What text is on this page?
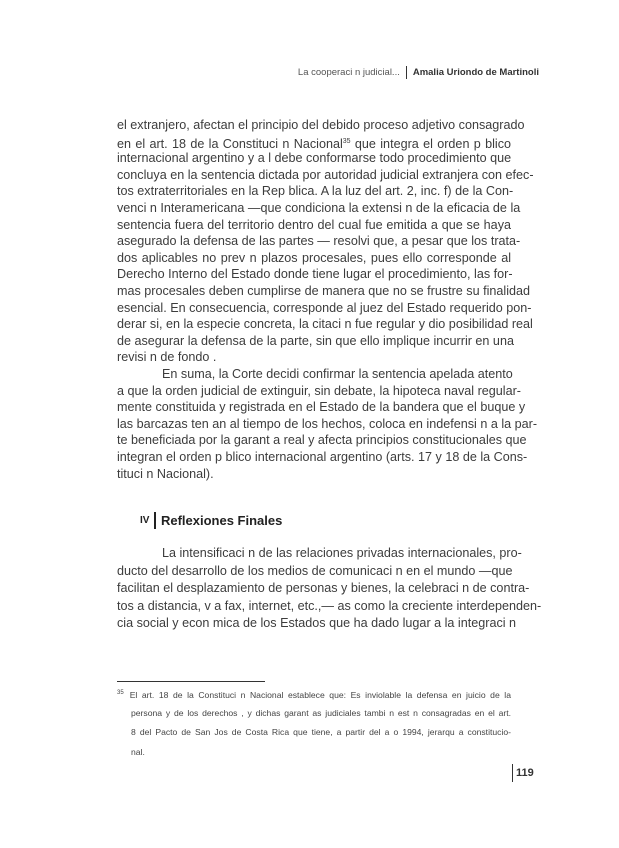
La cooperaci n judicial... Amalia Uriondo de Martinoli
el extranjero, afectan el principio del debido proceso adjetivo consagrado
en el art. 18 de la Constituci n Nacional$^{35}$ que integra el orden p blico
internacional argentino y a l debe conformarse todo procedimiento que
concluya en la sentencia dictada por autoridad judicial extranjera con efec-
tos extraterritoriales en la Rep blica. A la luz del art. 2, inc. f) de la Con-
venci n Interamericana —que condiciona la extensi n de la eficacia de la
sentencia fuera del territorio dentro del cual fue emitida a que se haya
asegurado la defensa de las partes — resolvi que, a pesar que los trata-
dos aplicables no prev n plazos procesales, pues ello corresponde al
Derecho Interno del Estado donde tiene lugar el procedimiento, las for-
mas procesales deben cumplirse de manera que no se frustre su finalidad
esencial. En consecuencia, corresponde al juez del Estado requerido pon-
derar si, en la especie concreta, la citaci n fue regular y dio posibilidad real
de asegurar la defensa de la parte, sin que ello implique incurrir en una
revisi n de fondo .
En suma, la Corte decidi confirmar la sentencia apelada atento
a que la orden judicial de extinguir, sin debate, la hipoteca naval regular-
mente constituida y registrada en el Estado de la bandera que el buque y
las barcazas ten an al tiempo de los hechos, coloca en indefensi n a la par-
te beneficiada por la garant a real y afecta principios constitucionales que
integran el orden p blico internacional argentino (arts. 17 y 18 de la Cons-
tituci n Nacional).
IV Reflexiones Finales
La intensificaci n de las relaciones privadas internacionales, pro-
ducto del desarrollo de los medios de comunicaci n en el mundo —que
facilitan el desplazamiento de personas y bienes, la celebraci n de contra-
tos a distancia, v a fax, internet, etc.,— as como la creciente interdependen-
cia social y econ mica de los Estados que ha dado lugar a la integraci n
$^{35}$ El art. 18 de la Constituci n Nacional establece que: Es inviolable la defensa en juicio de la
persona y de los derechos , y dichas garant as judiciales tambi n est n consagradas en el art.
8 del Pacto de San Jos de Costa Rica que tiene, a partir del a o 1994, jerarqu a constitucio-
nal.
119
